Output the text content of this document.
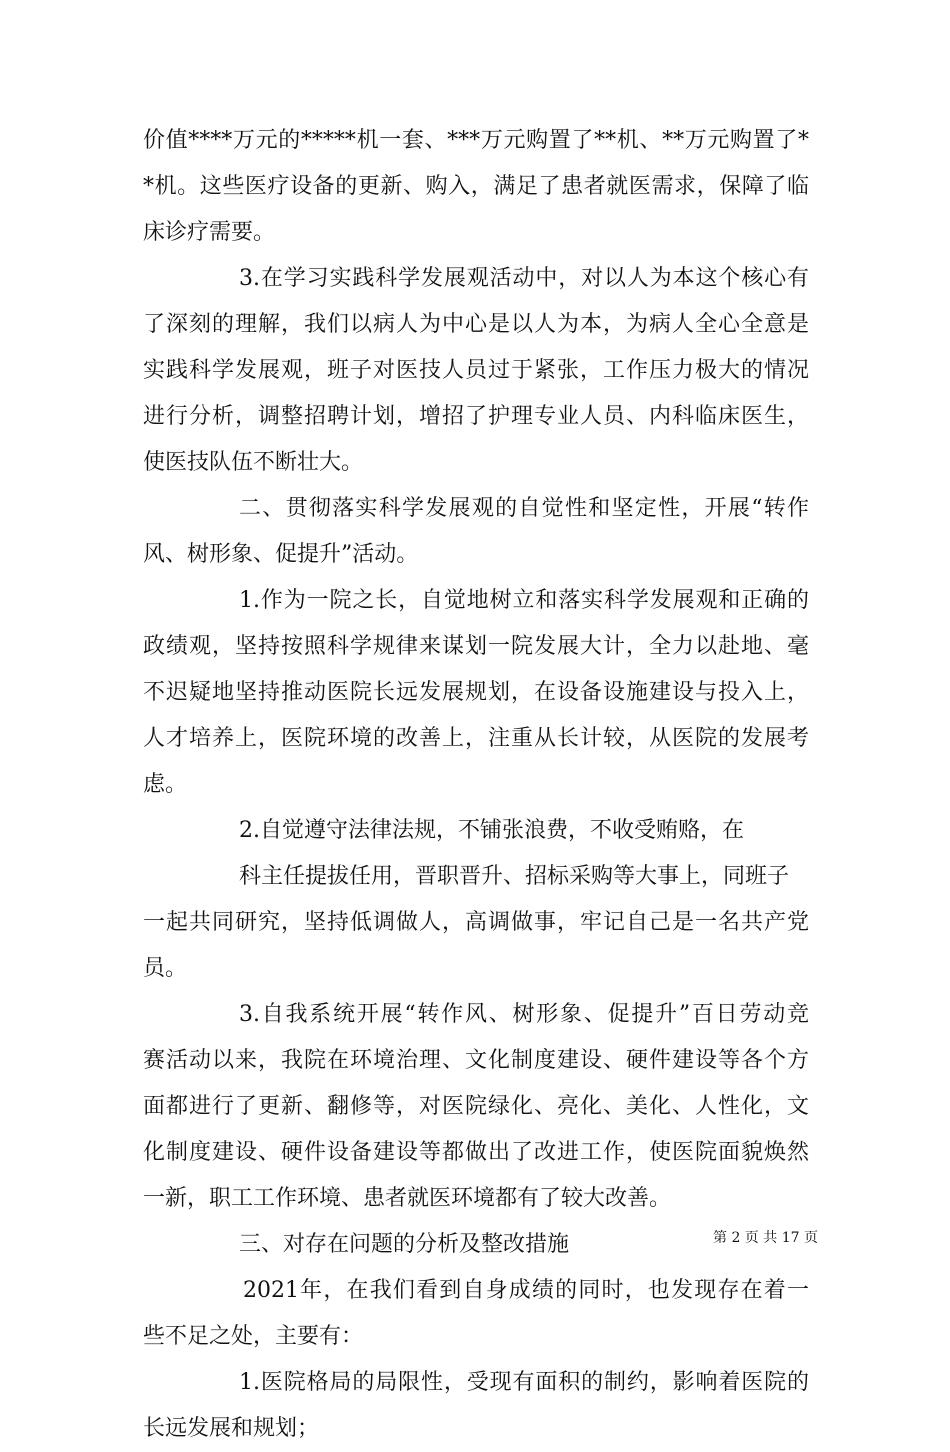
价值****万元的*****机一套、***万元购置了**机、**万元购置了*
*机。这些医疗设备的更新、购入，满足了患者就医需求，保障了临
床诊疗需要。
3.在学习实践科学发展观活动中，对以人为本这个核心有
了深刻的理解，我们以病人为中心是以人为本，为病人全心全意是
实践科学发展观，班子对医技人员过于紧张，工作压力极大的情况
进行分析，调整招聘计划，增招了护理专业人员、内科临床医生，
使医技队伍不断壮大。
二、贯彻落实科学发展观的自觉性和坚定性，开展“转作
风、树形象、促提升”活动。
1.作为一院之长，自觉地树立和落实科学发展观和正确的
政绩观，坚持按照科学规律来谋划一院发展大计，全力以赴地、毫
不迟疑地坚持推动医院长远发展规划，在设备设施建设与投入上，
人才培养上，医院环境的改善上，注重从长计较，从医院的发展考
虑。
2.自觉遵守法律法规，不铺张浪费，不收受贿赂，在
科主任提拔任用，晋职晋升、招标采购等大事上，同班子
一起共同研究，坚持低调做人，高调做事，牢记自己是一名共产党
员。
3.自我系统开展“转作风、树形象、促提升”百日劳动竞
赛活动以来，我院在环境治理、文化制度建设、硬件建设等各个方
面都进行了更新、翻修等，对医院绿化、亮化、美化、人性化，文
化制度建设、硬件设备建设等都做出了改进工作，使医院面貌焕然
一新，职工工作环境、患者就医环境都有了较大改善。
三、对存在问题的分析及整改措施
2021年，在我们看到自身成绩的同时，也发现存在着一
些不足之处，主要有：
1.医院格局的局限性，受现有面积的制约，影响着医院的
长远发展和规划；
第 2 页 共 17 页
